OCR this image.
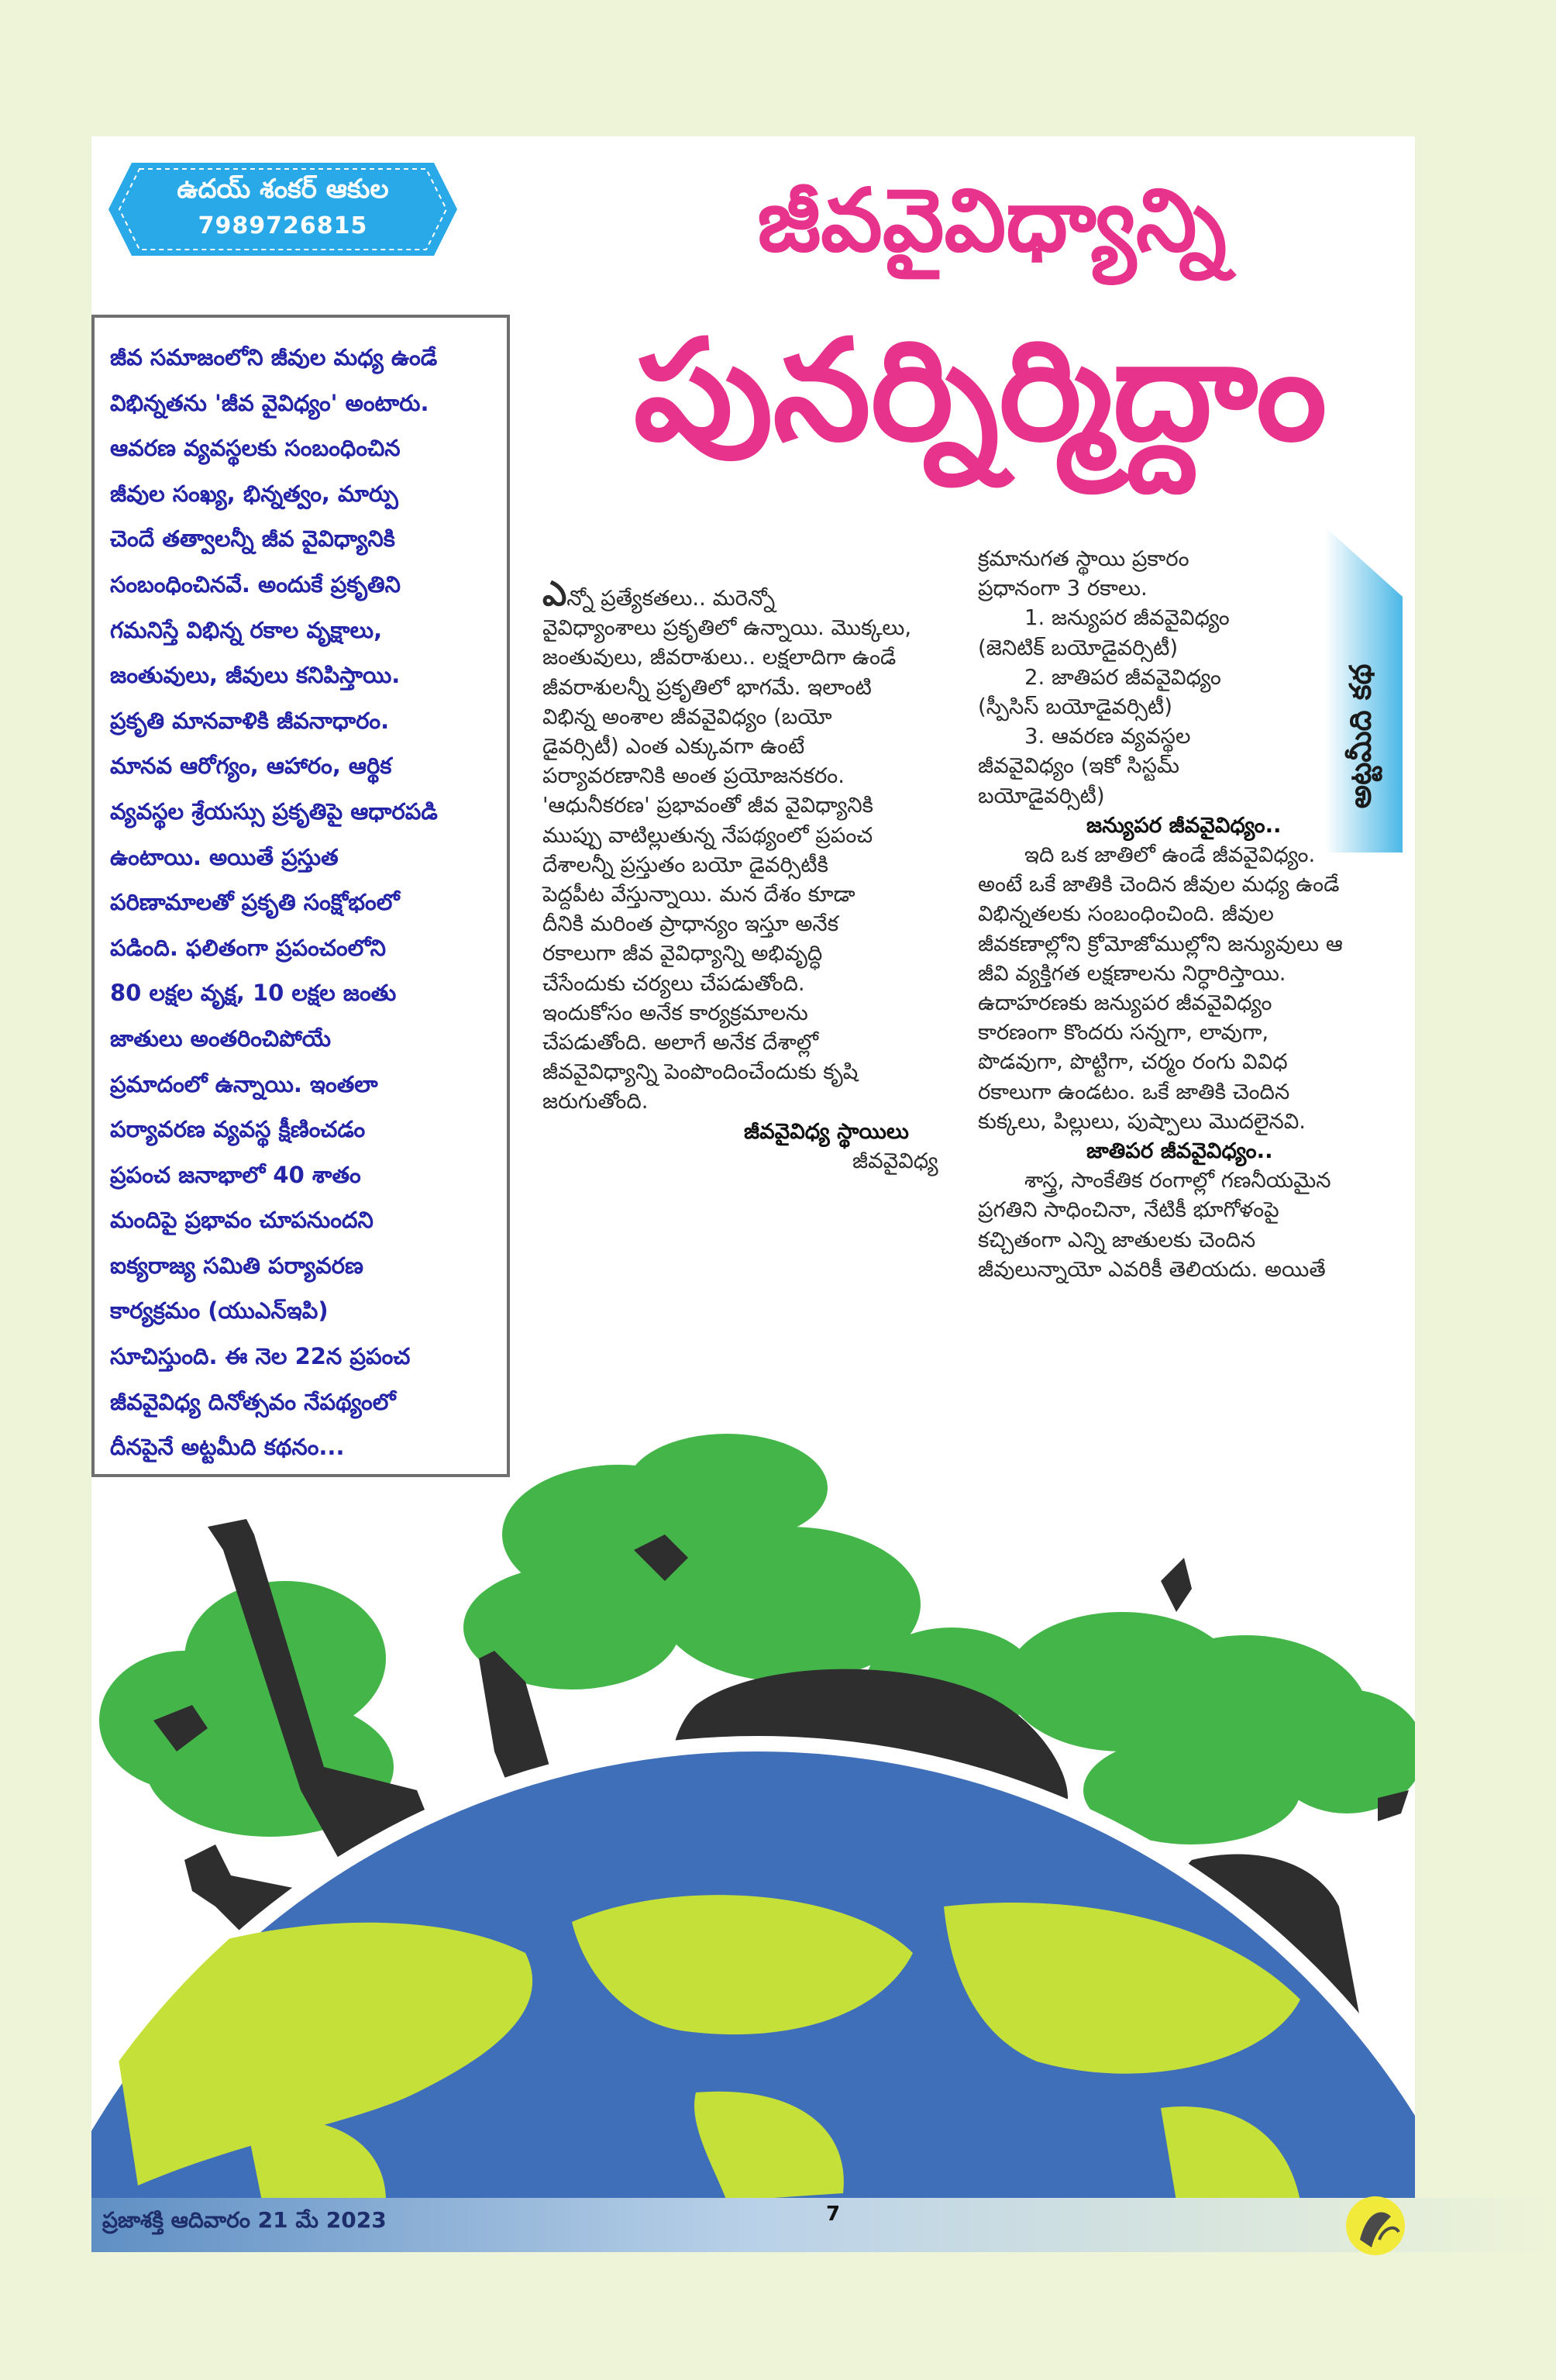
ఉదయ్ శంకర్ ఆకుల
7989726815	జీవవైవిధ్యాన్ని
పునర్నిర్మిద్దాం
జీవ సమాజంలోని జీవుల మధ్య ఉండే
విభిన్నతను 'జీవ వైవిధ్యం' అంటారు.
ఆవరణ వ్యవస్థలకు సంబంధించిన
జీవుల సంఖ్య, భిన్నత్వం, మార్పు
చెందే తత్వాలన్నీ జీవ వైవిధ్యానికి
సంబంధించినవే. అందుకే ప్రకృతిని
గమనిస్తే విభిన్న రకాల వృక్షాలు,
జంతువులు, జీవులు కనిపిస్తాయి.
ప్రకృతి మానవాళికి జీవనాధారం.
మానవ ఆరోగ్యం, ఆహారం, ఆర్థిక
వ్యవస్థల శ్రేయస్సు ప్రకృతిపై ఆధారపడి
ఉంటాయి. అయితే ప్రస్తుత
పరిణామాలతో ప్రకృతి సంక్షోభంలో
పడింది. ఫలితంగా ప్రపంచంలోని
80 లక్షల వృక్ష, 10 లక్షల జంతు
జాతులు అంతరించిపోయే
ప్రమాదంలో ఉన్నాయి. ఇంతలా
పర్యావరణ వ్యవస్థ క్షీణించడం
ప్రపంచ జనాభాలో 40 శాతం
మందిపై ప్రభావం చూపనుందని
ఐక్యరాజ్య సమితి పర్యావరణ
కార్యక్రమం (యుఎన్ఇపి)
సూచిస్తుంది. ఈ నెల 22న ప్రపంచ
జీవవైవిధ్య దినోత్సవం నేపథ్యంలో
దీనపైనే అట్టమీది కథనం...
అట్టమీది కథ
ఎన్నో ప్రత్యేకతలు.. మరెన్నో
వైవిధ్యాంశాలు ప్రకృతిలో ఉన్నాయి. మొక్కలు,
జంతువులు, జీవరాశులు.. లక్షలాదిగా ఉండే
జీవరాశులన్నీ ప్రకృతిలో భాగమే. ఇలాంటి
విభిన్న అంశాల జీవవైవిధ్యం (బయో
డైవర్సిటీ) ఎంత ఎక్కువగా ఉంటే
పర్యావరణానికి అంత ప్రయోజనకరం.
'ఆధునీకరణ' ప్రభావంతో జీవ వైవిధ్యానికి
ముప్పు వాటిల్లుతున్న నేపథ్యంలో ప్రపంచ
దేశాలన్నీ ప్రస్తుతం బయో డైవర్సిటీకి
పెద్దపీట వేస్తున్నాయి. మన దేశం కూడా
దీనికి మరింత ప్రాధాన్యం ఇస్తూ అనేక
రకాలుగా జీవ వైవిధ్యాన్ని అభివృద్ధి
చేసేందుకు చర్యలు చేపడుతోంది.
ఇందుకోసం అనేక కార్యక్రమాలను
చేపడుతోంది. అలాగే అనేక దేశాల్లో
జీవవైవిధ్యాన్ని పెంపొందించేందుకు కృషి
జరుగుతోంది.
జీవవైవిధ్య స్థాయిలు
జీవవైవిధ్య
క్రమానుగత స్థాయి ప్రకారం
ప్రధానంగా 3 రకాలు.
1. జన్యుపర జీవవైవిధ్యం
(జెనిటిక్ బయోడైవర్సిటీ)
2. జాతిపర జీవవైవిధ్యం
(స్పీసిస్ బయోడైవర్సిటీ)
3. ఆవరణ వ్యవస్థల
జీవవైవిధ్యం (ఇకో సిస్టమ్
బయోడైవర్సిటీ)
జన్యుపర జీవవైవిధ్యం..
ఇది ఒక జాతిలో ఉండే జీవవైవిధ్యం.
అంటే ఒకే జాతికి చెందిన జీవుల మధ్య ఉండే
విభిన్నతలకు సంబంధించింది. జీవుల
జీవకణాల్లోని క్రోమోజోముల్లోని జన్యువులు ఆ
జీవి వ్యక్తిగత లక్షణాలను నిర్ధారిస్తాయి.
ఉదాహరణకు జన్యుపర జీవవైవిధ్యం
కారణంగా కొందరు సన్నగా, లావుగా,
పొడవుగా, పొట్టిగా, చర్మం రంగు వివిధ
రకాలుగా ఉండటం. ఒకే జాతికి చెందిన
కుక్కలు, పిల్లులు, పుష్పాలు మొదలైనవి.
జాతిపర జీవవైవిధ్యం..
శాస్త్ర, సాంకేతిక రంగాల్లో గణనీయమైన
ప్రగతిని సాధించినా, నేటికీ భూగోళంపై
కచ్చితంగా ఎన్ని జాతులకు చెందిన
జీవులున్నాయో ఎవరికీ తెలియదు. అయితే
ప్రజాశక్తి ఆదివారం 21 మే 2023	7
